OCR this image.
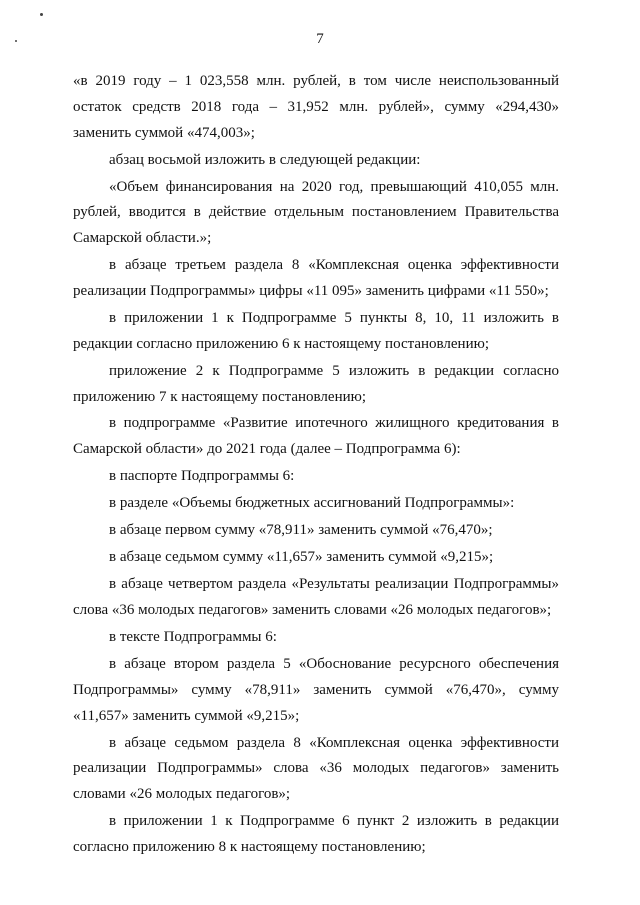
7

«в 2019 году – 1 023,558 млн. рублей, в том числе неиспользованный остаток средств 2018 года – 31,952 млн. рублей», сумму «294,430» заменить суммой «474,003»;

абзац восьмой изложить в следующей редакции:

«Объем финансирования на 2020 год, превышающий 410,055 млн. рублей, вводится в действие отдельным постановлением Правительства Самарской области.»;

в абзаце третьем раздела 8 «Комплексная оценка эффективности реализации Подпрограммы» цифры «11 095» заменить цифрами «11 550»;

в приложении 1 к Подпрограмме 5 пункты 8, 10, 11 изложить в редакции согласно приложению 6 к настоящему постановлению;

приложение 2 к Подпрограмме 5 изложить в редакции согласно приложению 7 к настоящему постановлению;

в подпрограмме «Развитие ипотечного жилищного кредитования в Самарской области» до 2021 года (далее – Подпрограмма 6):

в паспорте Подпрограммы 6:

в разделе «Объемы бюджетных ассигнований Подпрограммы»:

в абзаце первом сумму «78,911» заменить суммой «76,470»;

в абзаце седьмом сумму «11,657» заменить суммой «9,215»;

в абзаце четвертом раздела «Результаты реализации Подпрограммы» слова «36 молодых педагогов» заменить словами «26 молодых педагогов»;

в тексте Подпрограммы 6:

в абзаце втором раздела 5 «Обоснование ресурсного обеспечения Подпрограммы» сумму «78,911» заменить суммой «76,470», сумму «11,657» заменить суммой «9,215»;

в абзаце седьмом раздела 8 «Комплексная оценка эффективности реализации Подпрограммы» слова «36 молодых педагогов» заменить словами «26 молодых педагогов»;

в приложении 1 к Подпрограмме 6 пункт 2 изложить в редакции согласно приложению 8 к настоящему постановлению;
